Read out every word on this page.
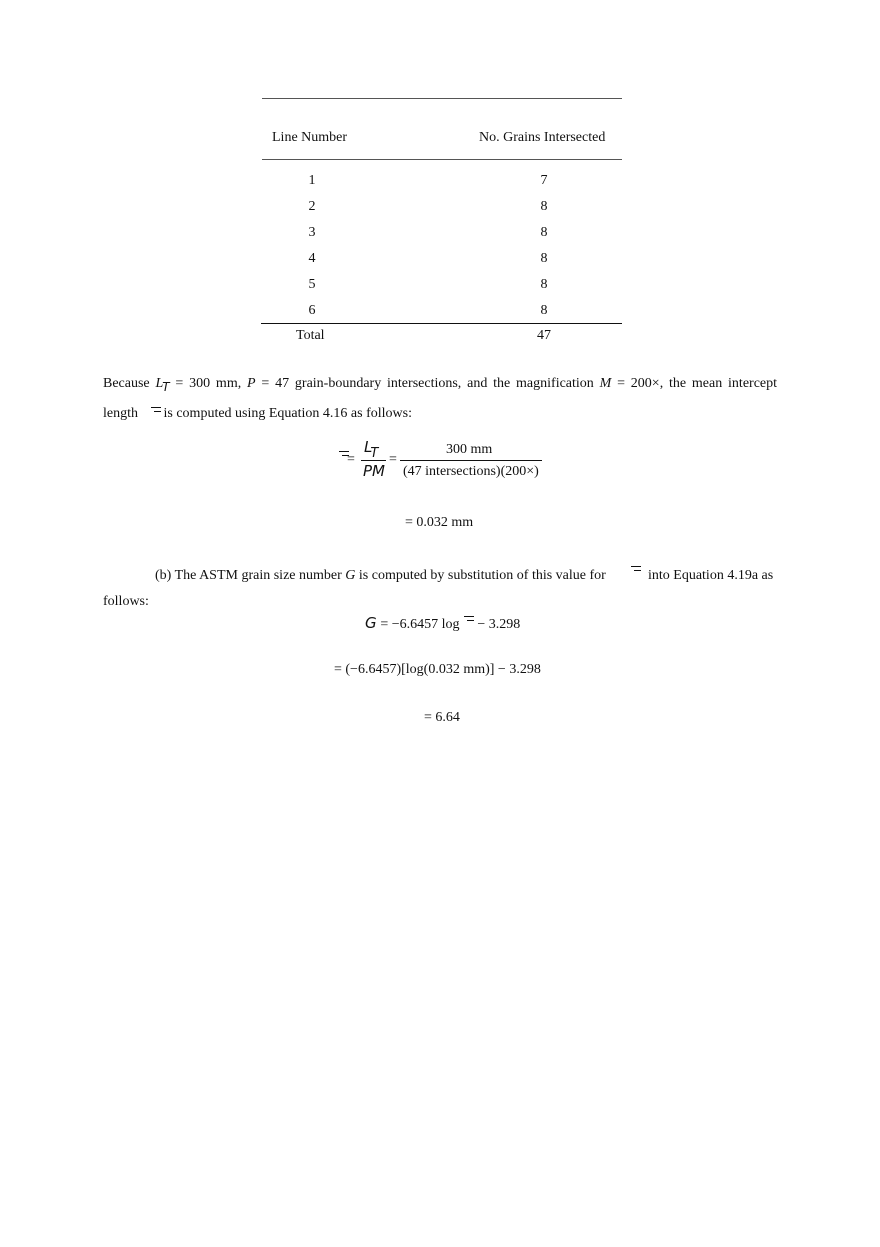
Line Number	No. Grains Intersected
1	7
2	8
3	8
4	8
5	8
6	8
Total	47
Because LT = 300 mm, P = 47 grain-boundary intersections, and the magnification M = 200×, the mean intercept
length is computed using Equation 4.16 as follows:
=
LT
PM
=
300 mm
(47 intersections)(200×)
= 0.032 mm
(b) The ASTM grain size number G is computed by substitution of this value for	into Equation 4.19a as
follows:
G = −6.6457 log − 3.298
= (−6.6457)[log(0.032 mm)] − 3.298
= 6.64
